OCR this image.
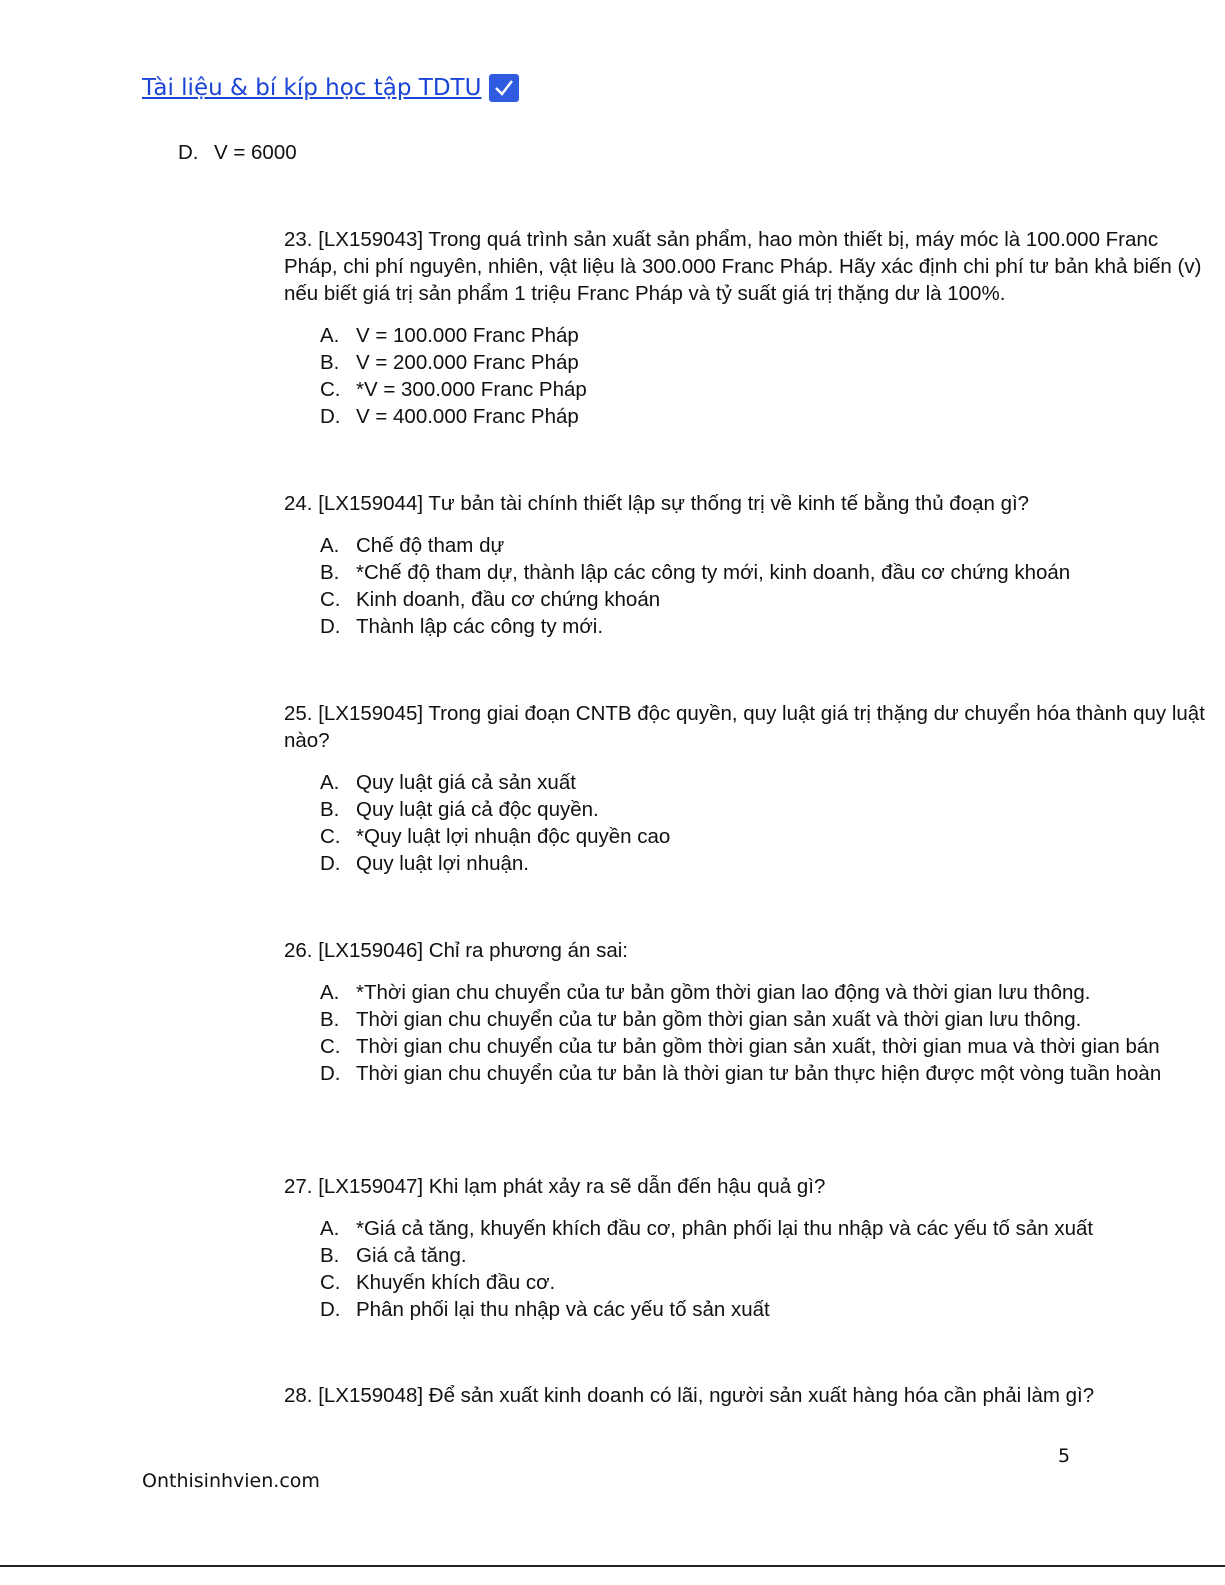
Tài liệu & bí kíp học tập TDTU
D. V = 6000

23. [LX159043] Trong quá trình sản xuất sản phẩm, hao mòn thiết bị, máy móc là 100.000 Franc Pháp, chi phí nguyên, nhiên, vật liệu là 300.000 Franc Pháp. Hãy xác định chi phí tư bản khả biến (v) nếu biết giá trị sản phẩm 1 triệu Franc Pháp và tỷ suất giá trị thặng dư là 100%.

A. V = 100.000 Franc Pháp
B. V = 200.000 Franc Pháp
C. *V = 300.000 Franc Pháp
D. V = 400.000 Franc Pháp

24. [LX159044] Tư bản tài chính thiết lập sự thống trị về kinh tế bằng thủ đoạn gì?

A. Chế độ tham dự
B. *Chế độ tham dự, thành lập các công ty mới, kinh doanh, đầu cơ chứng khoán
C. Kinh doanh, đầu cơ chứng khoán
D. Thành lập các công ty mới.

25. [LX159045] Trong giai đoạn CNTB độc quyền, quy luật giá trị thặng dư chuyển hóa thành quy luật nào?

A. Quy luật giá cả sản xuất
B. Quy luật giá cả độc quyền.
C. *Quy luật lợi nhuận độc quyền cao
D. Quy luật lợi nhuận.

26. [LX159046] Chỉ ra phương án sai:

A. *Thời gian chu chuyển của tư bản gồm thời gian lao động và thời gian lưu thông.
B. Thời gian chu chuyển của tư bản gồm thời gian sản xuất và thời gian lưu thông.
C. Thời gian chu chuyển của tư bản gồm thời gian sản xuất, thời gian mua và thời gian bán
D. Thời gian chu chuyển của tư bản là thời gian tư bản thực hiện được một vòng tuần hoàn

27. [LX159047] Khi lạm phát xảy ra sẽ dẫn đến hậu quả gì?

A. *Giá cả tăng, khuyến khích đầu cơ, phân phối lại thu nhập và các yếu tố sản xuất
B. Giá cả tăng.
C. Khuyến khích đầu cơ.
D. Phân phối lại thu nhập và các yếu tố sản xuất

28. [LX159048] Để sản xuất kinh doanh có lãi, người sản xuất hàng hóa cần phải làm gì?

5
Onthisinhvien.com
